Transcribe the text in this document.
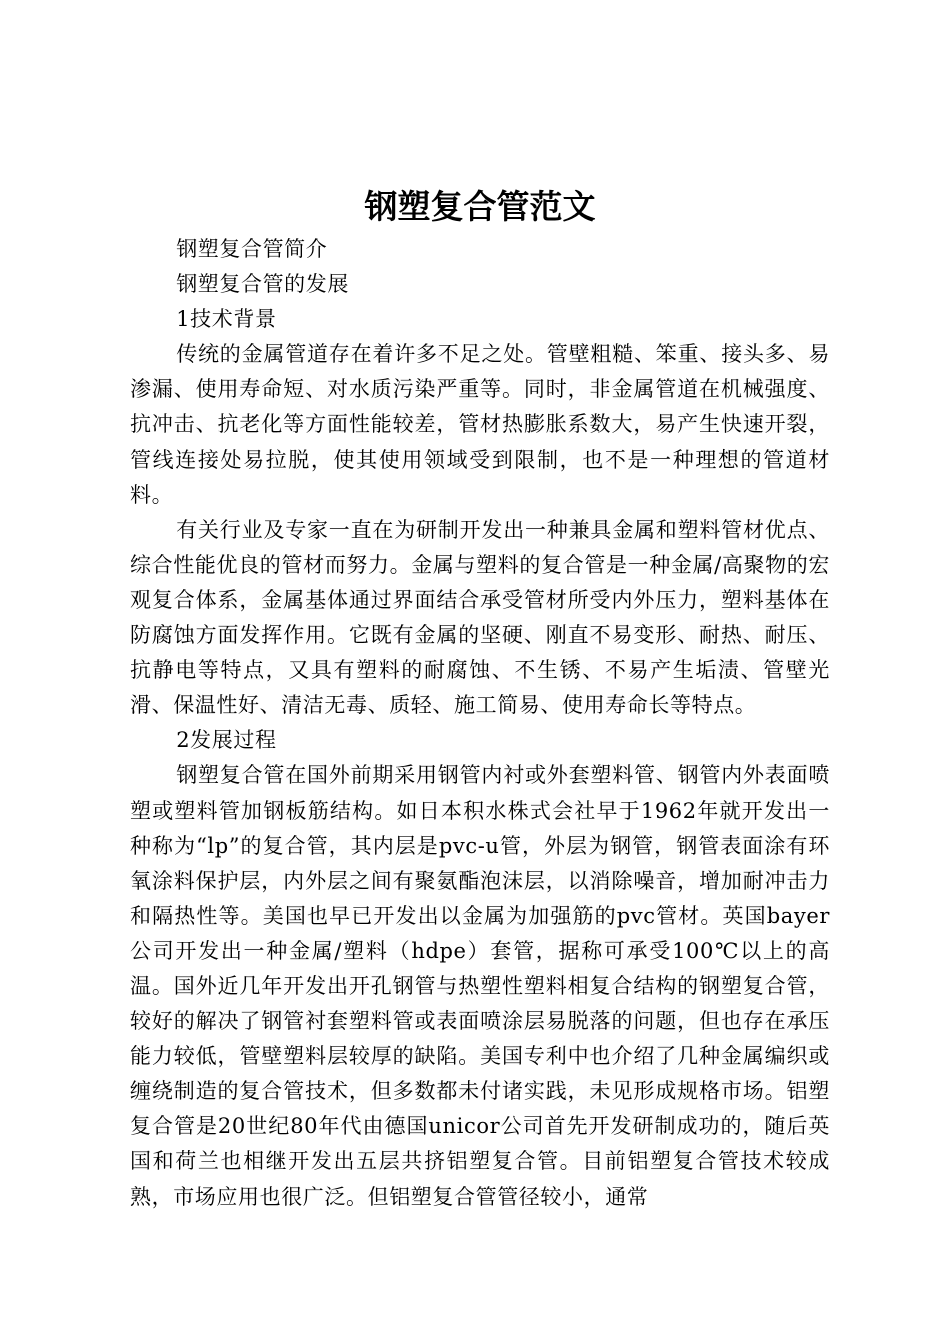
钢塑复合管范文

钢塑复合管简介

钢塑复合管的发展

1技术背景

传统的金属管道存在着许多不足之处。管壁粗糙、笨重、接头多、易渗漏、使用寿命短、对水质污染严重等。同时，非金属管道在机械强度、抗冲击、抗老化等方面性能较差，管材热膨胀系数大，易产生快速开裂，管线连接处易拉脱，使其使用领域受到限制，也不是一种理想的管道材料。

有关行业及专家一直在为研制开发出一种兼具金属和塑料管材优点、综合性能优良的管材而努力。金属与塑料的复合管是一种金属/高聚物的宏观复合体系，金属基体通过界面结合承受管材所受内外压力，塑料基体在防腐蚀方面发挥作用。它既有金属的坚硬、刚直不易变形、耐热、耐压、抗静电等特点，又具有塑料的耐腐蚀、不生锈、不易产生垢渍、管壁光滑、保温性好、清洁无毒、质轻、施工简易、使用寿命长等特点。

2发展过程

钢塑复合管在国外前期采用钢管内衬或外套塑料管、钢管内外表面喷塑或塑料管加钢板筋结构。如日本积水株式会社早于1962年就开发出一种称为“lp”的复合管，其内层是pvc-u管，外层为钢管，钢管表面涂有环氧涂料保护层，内外层之间有聚氨酯泡沫层，以消除噪音，增加耐冲击力和隔热性等。美国也早已开发出以金属为加强筋的pvc管材。英国bayer公司开发出一种金属/塑料（hdpe）套管，据称可承受100℃以上的高温。国外近几年开发出开孔钢管与热塑性塑料相复合结构的钢塑复合管，较好的解决了钢管衬套塑料管或表面喷涂层易脱落的问题，但也存在承压能力较低，管壁塑料层较厚的缺陷。美国专利中也介绍了几种金属编织或缠绕制造的复合管技术，但多数都未付诸实践，未见形成规格市场。铝塑复合管是20世纪80年代由德国unicor公司首先开发研制成功的，随后英国和荷兰也相继开发出五层共挤铝塑复合管。目前铝塑复合管技术较成熟，市场应用也很广泛。但铝塑复合管管径较小，通常
